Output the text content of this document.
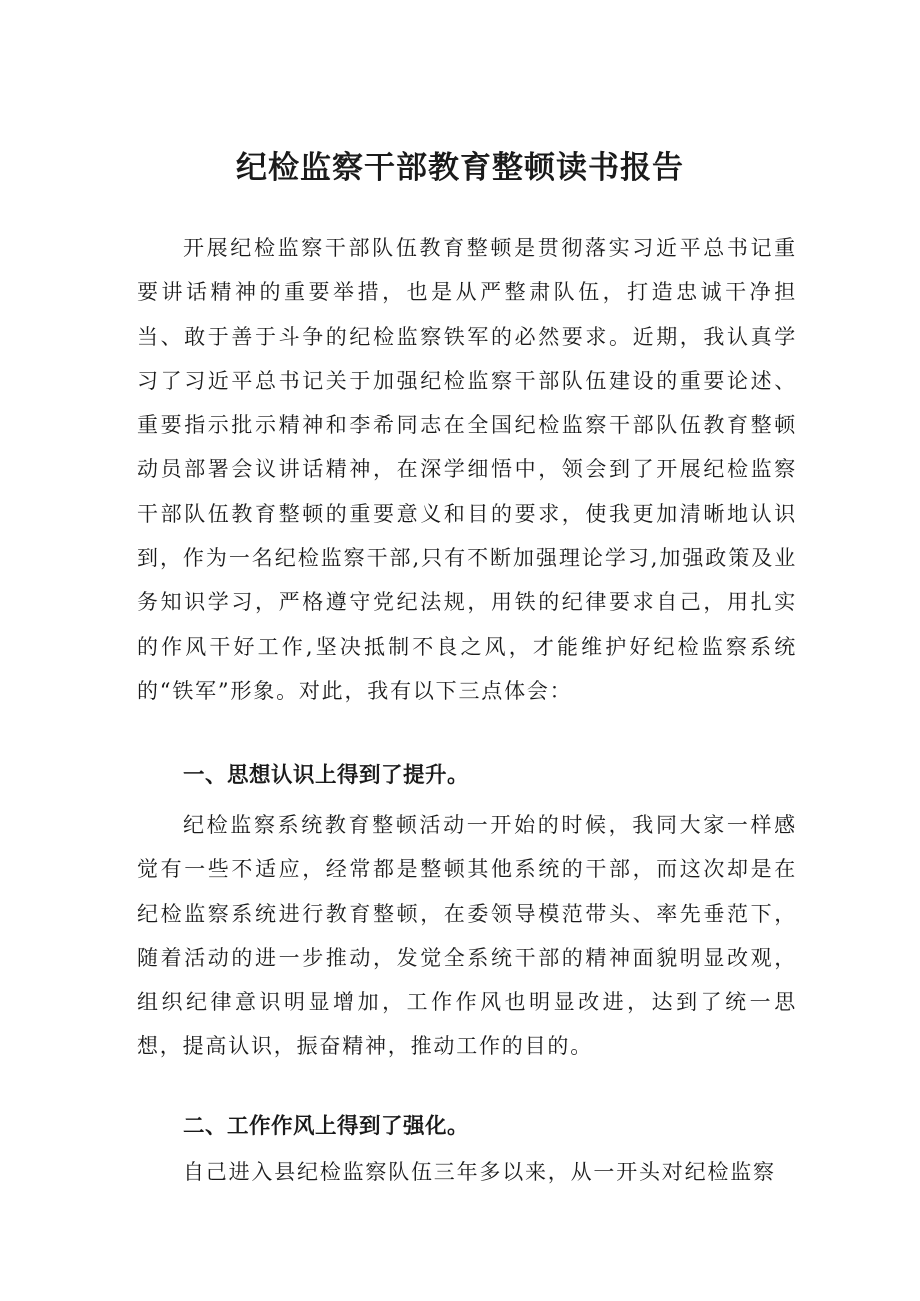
纪检监察干部教育整顿读书报告

开展纪检监察干部队伍教育整顿是贯彻落实习近平总书记重要讲话精神的重要举措，也是从严整肃队伍，打造忠诚干净担当、敢于善于斗争的纪检监察铁军的必然要求。近期，我认真学习了习近平总书记关于加强纪检监察干部队伍建设的重要论述、重要指示批示精神和李希同志在全国纪检监察干部队伍教育整顿动员部署会议讲话精神，在深学细悟中，领会到了开展纪检监察干部队伍教育整顿的重要意义和目的要求，使我更加清晰地认识到，作为一名纪检监察干部,只有不断加强理论学习,加强政策及业务知识学习，严格遵守党纪法规，用铁的纪律要求自己，用扎实的作风干好工作,坚决抵制不良之风，才能维护好纪检监察系统的“铁军”形象。对此，我有以下三点体会：

一、思想认识上得到了提升。

纪检监察系统教育整顿活动一开始的时候，我同大家一样感觉有一些不适应，经常都是整顿其他系统的干部，而这次却是在纪检监察系统进行教育整顿，在委领导模范带头、率先垂范下，随着活动的进一步推动，发觉全系统干部的精神面貌明显改观，组织纪律意识明显增加，工作作风也明显改进，达到了统一思想，提高认识，振奋精神，推动工作的目的。

二、工作作风上得到了强化。

自己进入县纪检监察队伍三年多以来，从一开头对纪检监察
